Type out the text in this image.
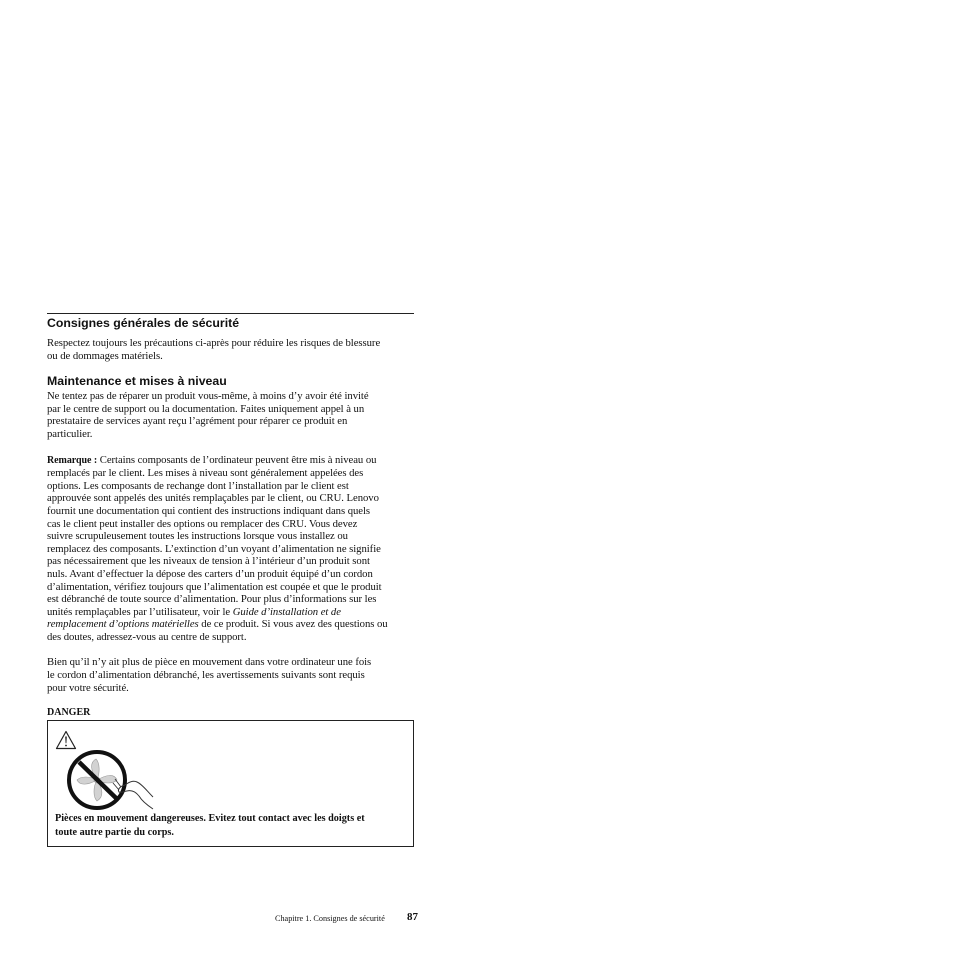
Consignes générales de sécurité

Respectez toujours les précautions ci-après pour réduire les risques de blessure
ou de dommages matériels.

Maintenance et mises à niveau

Ne tentez pas de réparer un produit vous-même, à moins d’y avoir été invité
par le centre de support ou la documentation. Faites uniquement appel à un
prestataire de services ayant reçu l’agrément pour réparer ce produit en
particulier.

Remarque : Certains composants de l’ordinateur peuvent être mis à niveau ou
remplacés par le client. Les mises à niveau sont généralement appelées des
options. Les composants de rechange dont l’installation par le client est
approuvée sont appelés des unités remplaçables par le client, ou CRU. Lenovo
fournit une documentation qui contient des instructions indiquant dans quels
cas le client peut installer des options ou remplacer des CRU. Vous devez
suivre scrupuleusement toutes les instructions lorsque vous installez ou
remplacez des composants. L’extinction d’un voyant d’alimentation ne signifie
pas nécessairement que les niveaux de tension à l’intérieur d’un produit sont
nuls. Avant d’effectuer la dépose des carters d’un produit équipé d’un cordon
d’alimentation, vérifiez toujours que l’alimentation est coupée et que le produit
est débranché de toute source d’alimentation. Pour plus d’informations sur les
unités remplaçables par l’utilisateur, voir le Guide d’installation et de
remplacement d’options matérielles de ce produit. Si vous avez des questions ou
des doutes, adressez-vous au centre de support.

Bien qu’il n’y ait plus de pièce en mouvement dans votre ordinateur une fois
le cordon d’alimentation débranché, les avertissements suivants sont requis
pour votre sécurité.

DANGER
Pièces en mouvement dangereuses. Evitez tout contact avec les doigts et
toute autre partie du corps.
Chapitre 1. Consignes de sécurité 87
